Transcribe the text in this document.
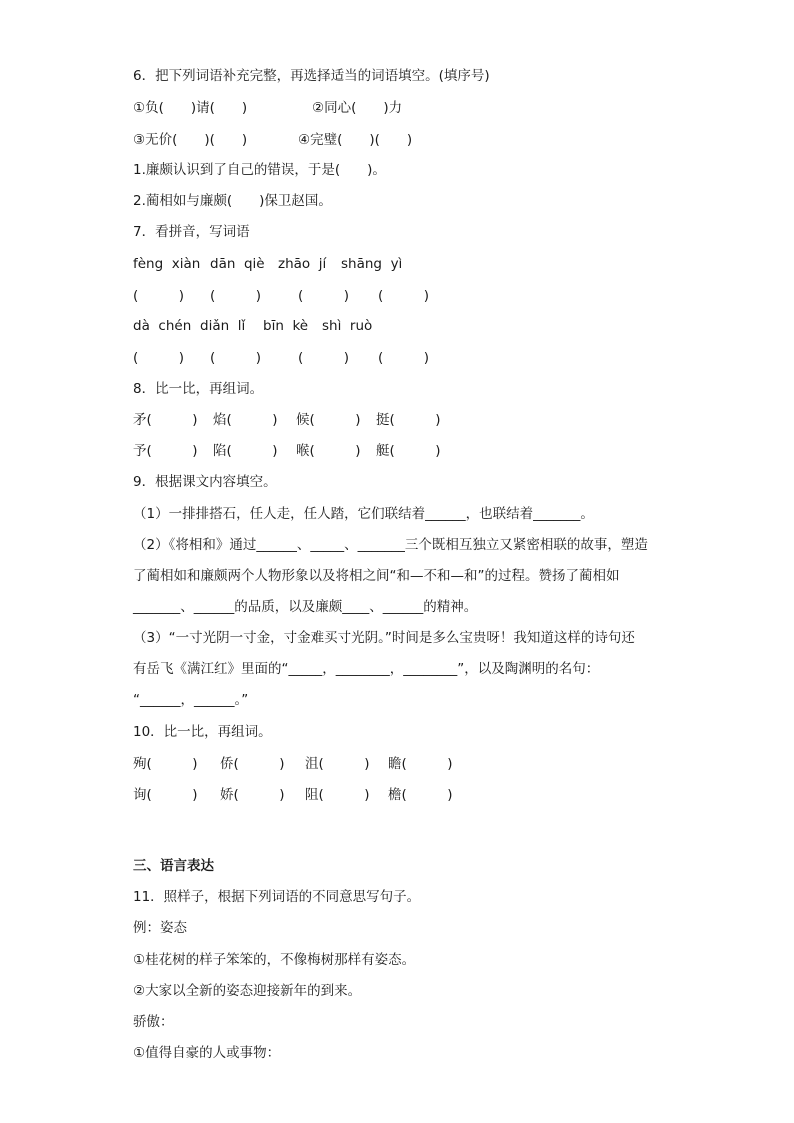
6．把下列词语补充完整，再选择适当的词语填空。(填序号)
①负(　　)请(　　)	②同心(　　)力
③无价(　　)(　　)	④完璧(　　)(　　)
1.廉颇认识到了自己的错误，于是(　　)。
2.蔺相如与廉颇(　　)保卫赵国。
7．看拼音，写词语
fèng  xiàn dān  qiè zhāo  jí shāng  yì
(　　　) (　　　)	(　　　) (　　　)
dà  chén diǎn  lǐ bīn  kè shì  ruò
(　　　) (　　　)	(　　　) (　　　)
8．比一比，再组词。
矛(　　　) 焰(　　　) 候(　　　) 挺(　　　)
予(　　　) 陷(　　　) 喉(　　　) 艇(　　　)
9．根据课文内容填空。
（1）一排排搭石，任人走，任人踏，它们联结着______，也联结着_______。
（2）《将相和》通过______、_____、_______三个既相互独立又紧密相联的故事，塑造
了蔺相如和廉颇两个人物形象以及将相之间“和—不和—和”的过程。赞扬了蔺相如
_______、______的品质，以及廉颇____、______的精神。
（3）“一寸光阴一寸金，寸金难买寸光阴。”时间是多么宝贵呀！我知道这样的诗句还
有岳飞《满江红》里面的“_____，________，________”，以及陶渊明的名句：
“______，______。”
10．比一比，再组词。
殉(　　　) 侨(　　　) 沮(　　　) 瞻(　　　)
询(　　　) 娇(　　　) 阻(　　　) 檐(　　　)
三、语言表达
11．照样子，根据下列词语的不同意思写句子。
例：姿态
①桂花树的样子笨笨的，不像梅树那样有姿态。
②大家以全新的姿态迎接新年的到来。
骄傲：
①值得自豪的人或事物：
